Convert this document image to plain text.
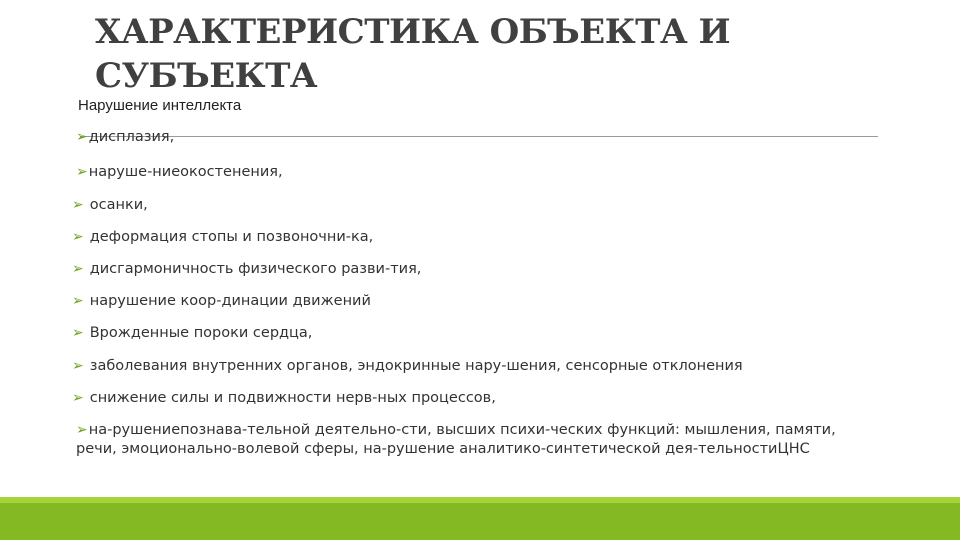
ХАРАКТЕРИСТИКА ОБЪЕКТА И СУБЪЕКТА
Нарушение интеллекта
➢дисплазия,
➢наруше-ниеокостенения,
➢ осанки,
➢ деформация стопы и позвоночни-ка,
➢ дисгармоничность физического разви-тия,
➢ нарушение коор-динации движений
➢ Врожденные пороки сердца,
➢ заболевания внутренних органов, эндокринные нару-шения, сенсорные отклонения
➢ снижение силы и подвижности нерв-ных процессов,
➢на-рушениепознава-тельной деятельно-сти, высших психи-ческих функций: мышления, памяти, речи, эмоционально-волевой сферы, на-рушение аналитико-синтетической дея-тельностиЦНС
